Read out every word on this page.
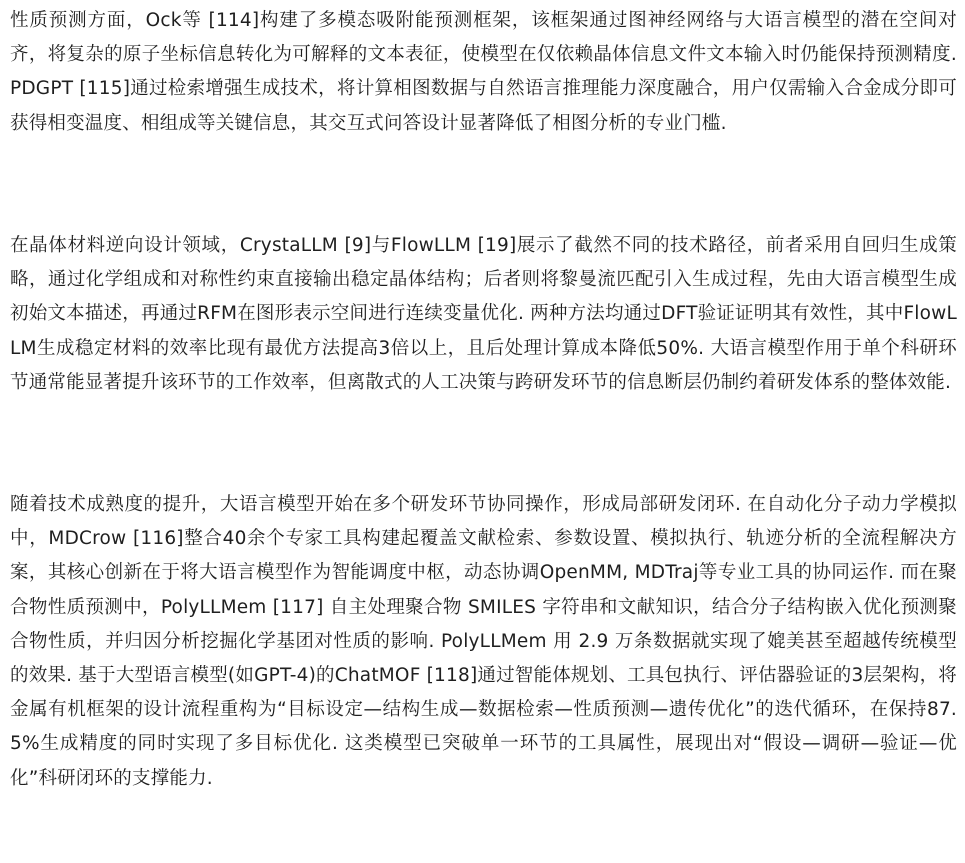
性质预测方面，Ock等 [114]构建了多模态吸附能预测框架，该框架通过图神经网络与大语言模型的潜在空间对齐，将复杂的原子坐标信息转化为可解释的文本表征，使模型在仅依赖晶体信息文件文本输入时仍能保持预测精度. PDGPT [115]通过检索增强生成技术，将计算相图数据与自然语言推理能力深度融合，用户仅需输入合金成分即可获得相变温度、相组成等关键信息，其交互式问答设计显著降低了相图分析的专业门槛.

在晶体材料逆向设计领域，CrystaLLM [9]与FlowLLM [19]展示了截然不同的技术路径，前者采用自回归生成策略，通过化学组成和对称性约束直接输出稳定晶体结构；后者则将黎曼流匹配引入生成过程，先由大语言模型生成初始文本描述，再通过RFM在图形表示空间进行连续变量优化. 两种方法均通过DFT验证证明其有效性，其中FlowLLM生成稳定材料的效率比现有最优方法提高3倍以上，且后处理计算成本降低50%. 大语言模型作用于单个科研环节通常能显著提升该环节的工作效率，但离散式的人工决策与跨研发环节的信息断层仍制约着研发体系的整体效能.

随着技术成熟度的提升，大语言模型开始在多个研发环节协同操作，形成局部研发闭环. 在自动化分子动力学模拟中，MDCrow [116]整合40余个专家工具构建起覆盖文献检索、参数设置、模拟执行、轨迹分析的全流程解决方案，其核心创新在于将大语言模型作为智能调度中枢，动态协调OpenMM, MDTraj等专业工具的协同运作. 而在聚合物性质预测中，PolyLLMem [117] 自主处理聚合物 SMILES 字符串和文献知识，结合分子结构嵌入优化预测聚合物性质，并归因分析挖掘化学基团对性质的影响. PolyLLMem 用 2.9 万条数据就实现了媲美甚至超越传统模型的效果. 基于大型语言模型(如GPT-4)的ChatMOF [118]通过智能体规划、工具包执行、评估器验证的3层架构，将金属有机框架的设计流程重构为“目标设定—结构生成—数据检索—性质预测—遗传优化”的迭代循环，在保持87.5%生成精度的同时实现了多目标优化. 这类模型已突破单一环节的工具属性，展现出对“假设—调研—验证—优化”科研闭环的支撑能力.
